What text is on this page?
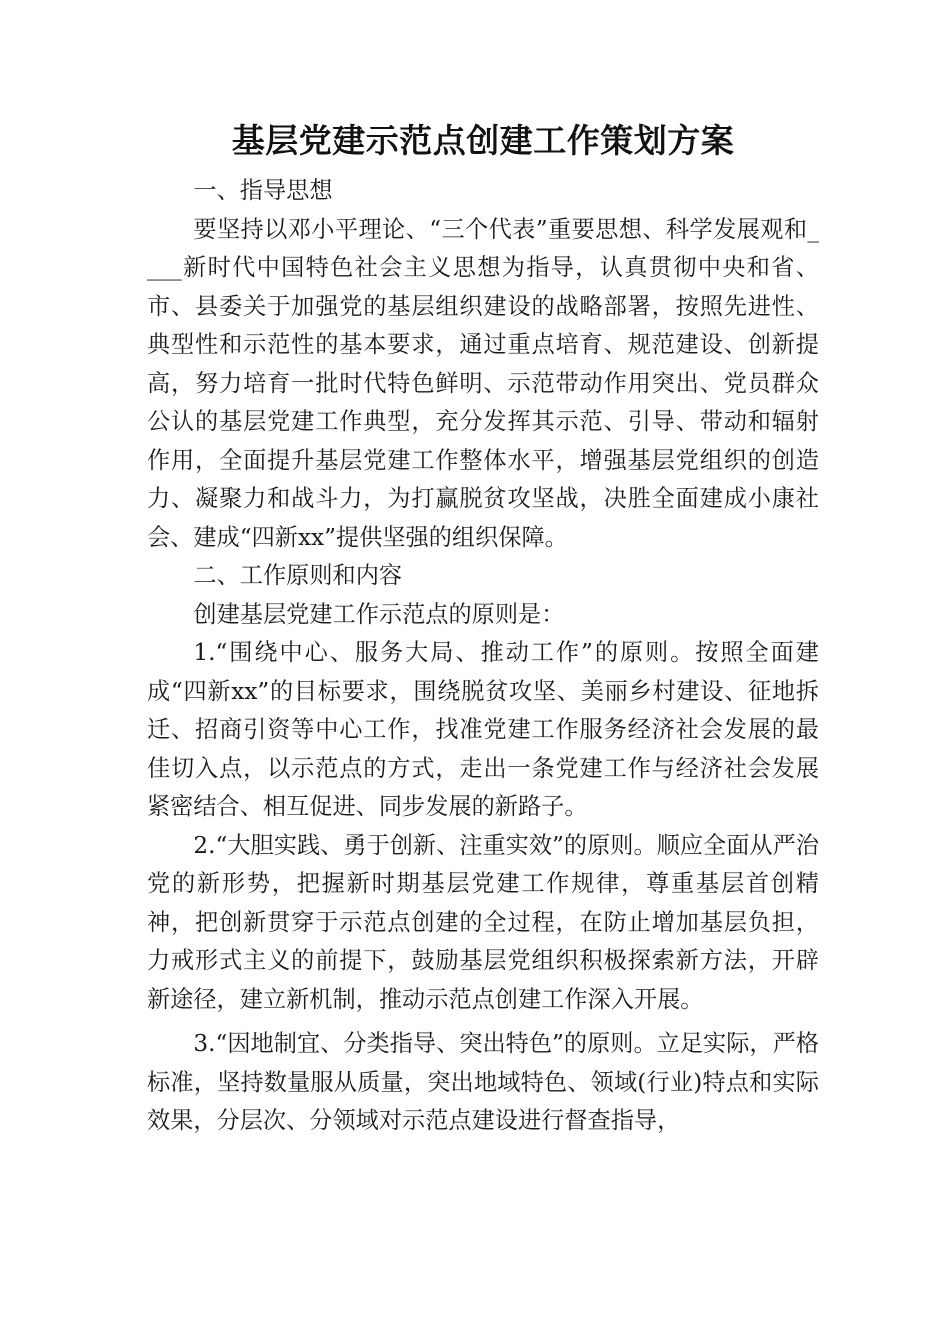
基层党建示范点创建工作策划方案

一、指导思想

要坚持以邓小平理论、“三个代表”重要思想、科学发展观和____新时代中国特色社会主义思想为指导，认真贯彻中央和省、市、县委关于加强党的基层组织建设的战略部署，按照先进性、典型性和示范性的基本要求，通过重点培育、规范建设、创新提高，努力培育一批时代特色鲜明、示范带动作用突出、党员群众公认的基层党建工作典型，充分发挥其示范、引导、带动和辐射作用，全面提升基层党建工作整体水平，增强基层党组织的创造力、凝聚力和战斗力，为打赢脱贫攻坚战，决胜全面建成小康社会、建成“四新xx”提供坚强的组织保障。

二、工作原则和内容

创建基层党建工作示范点的原则是：

1.“围绕中心、服务大局、推动工作”的原则。按照全面建成“四新xx”的目标要求，围绕脱贫攻坚、美丽乡村建设、征地拆迁、招商引资等中心工作，找准党建工作服务经济社会发展的最佳切入点，以示范点的方式，走出一条党建工作与经济社会发展紧密结合、相互促进、同步发展的新路子。

2.“大胆实践、勇于创新、注重实效”的原则。顺应全面从严治党的新形势，把握新时期基层党建工作规律，尊重基层首创精神，把创新贯穿于示范点创建的全过程，在防止增加基层负担，力戒形式主义的前提下，鼓励基层党组织积极探索新方法，开辟新途径，建立新机制，推动示范点创建工作深入开展。

3.“因地制宜、分类指导、突出特色”的原则。立足实际，严格标准，坚持数量服从质量，突出地域特色、领域(行业)特点和实际效果，分层次、分领域对示范点建设进行督查指导，
